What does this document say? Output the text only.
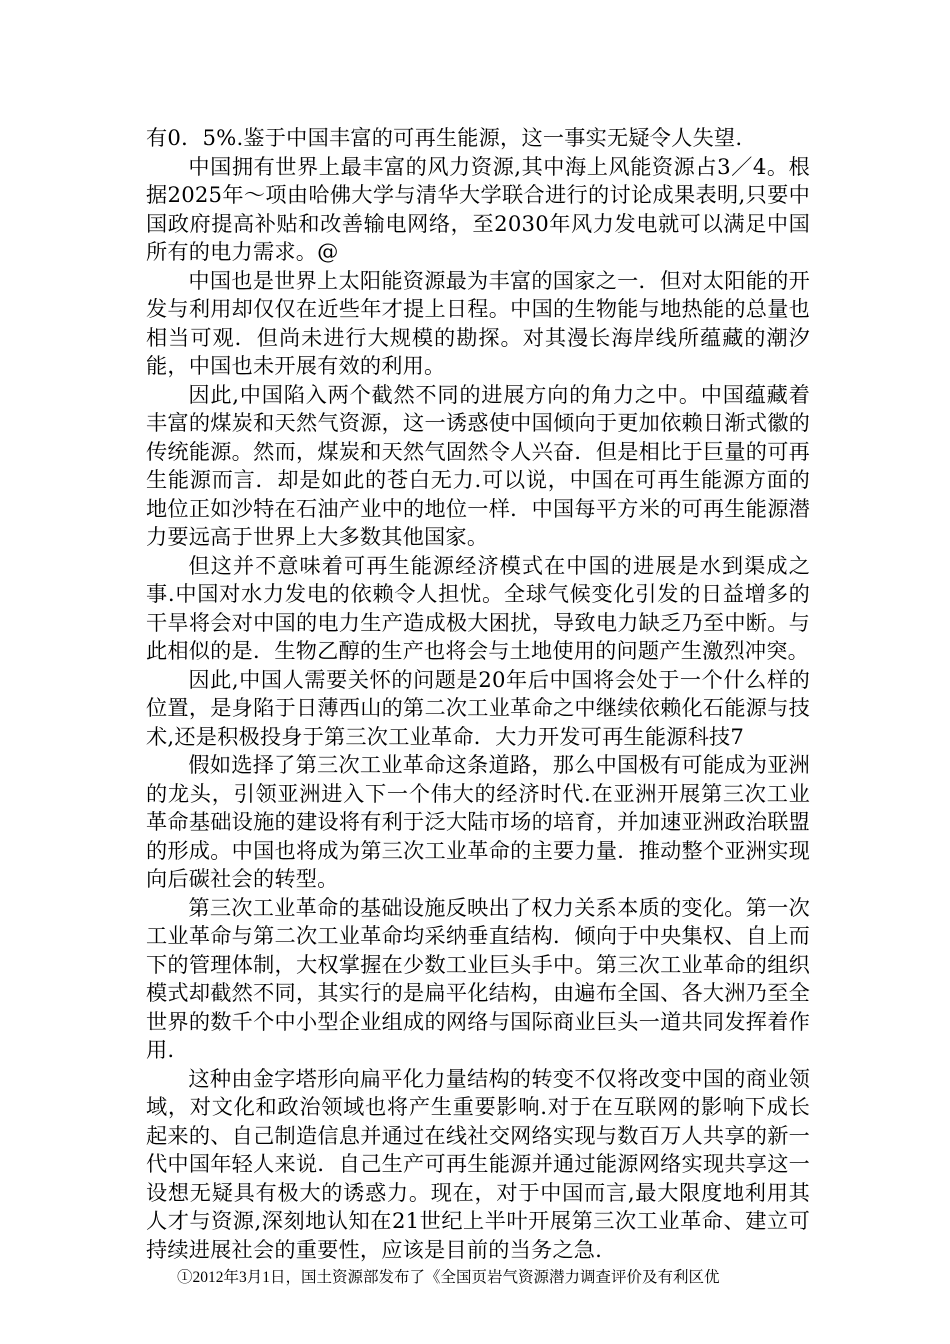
有0．5%.鉴于中国丰富的可再生能源，这一事实无疑令人失望.

中国拥有世界上最丰富的风力资源,其中海上风能资源占3／4。根据2025年～项由哈佛大学与清华大学联合进行的讨论成果表明,只要中国政府提高补贴和改善输电网络，至2030年风力发电就可以满足中国所有的电力需求。@

中国也是世界上太阳能资源最为丰富的国家之一．但对太阳能的开发与利用却仅仅在近些年才提上日程。中国的生物能与地热能的总量也相当可观．但尚未进行大规模的勘探。对其漫长海岸线所蕴藏的潮汐能，中国也未开展有效的利用。

因此,中国陷入两个截然不同的进展方向的角力之中。中国蕴藏着丰富的煤炭和天然气资源，这一诱惑使中国倾向于更加依赖日渐式徽的传统能源。然而，煤炭和天然气固然令人兴奋．但是相比于巨量的可再生能源而言．却是如此的苍白无力.可以说，中国在可再生能源方面的地位正如沙特在石油产业中的地位一样．中国每平方米的可再生能源潜力要远高于世界上大多数其他国家。

但这并不意味着可再生能源经济模式在中国的进展是水到渠成之事.中国对水力发电的依赖令人担忧。全球气候变化引发的日益增多的干旱将会对中国的电力生产造成极大困扰，导致电力缺乏乃至中断。与此相似的是．生物乙醇的生产也将会与土地使用的问题产生激烈冲突。

因此,中国人需要关怀的问题是20年后中国将会处于一个什么样的位置，是身陷于日薄西山的第二次工业革命之中继续依赖化石能源与技术,还是积极投身于第三次工业革命．大力开发可再生能源科技7

假如选择了第三次工业革命这条道路，那么中国极有可能成为亚洲的龙头，引领亚洲进入下一个伟大的经济时代.在亚洲开展第三次工业革命基础设施的建设将有利于泛大陆市场的培育，并加速亚洲政治联盟的形成。中国也将成为第三次工业革命的主要力量．推动整个亚洲实现向后碳社会的转型。

第三次工业革命的基础设施反映出了权力关系本质的变化。第一次工业革命与第二次工业革命均采纳垂直结构．倾向于中央集权、自上而下的管理体制，大权掌握在少数工业巨头手中。第三次工业革命的组织模式却截然不同，其实行的是扁平化结构，由遍布全国、各大洲乃至全世界的数千个中小型企业组成的网络与国际商业巨头一道共同发挥着作用.

这种由金字塔形向扁平化力量结构的转变不仅将改变中国的商业领域，对文化和政治领域也将产生重要影响.对于在互联网的影响下成长起来的、自己制造信息并通过在线社交网络实现与数百万人共享的新一代中国年轻人来说．自己生产可再生能源并通过能源网络实现共享这一设想无疑具有极大的诱惑力。现在，对于中国而言,最大限度地利用其人才与资源,深刻地认知在21世纪上半叶开展第三次工业革命、建立可持续进展社会的重要性，应该是目前的当务之急.

①2012年3月1日，国土资源部发布了《全国页岩气资源潜力调查评价及有利区优
